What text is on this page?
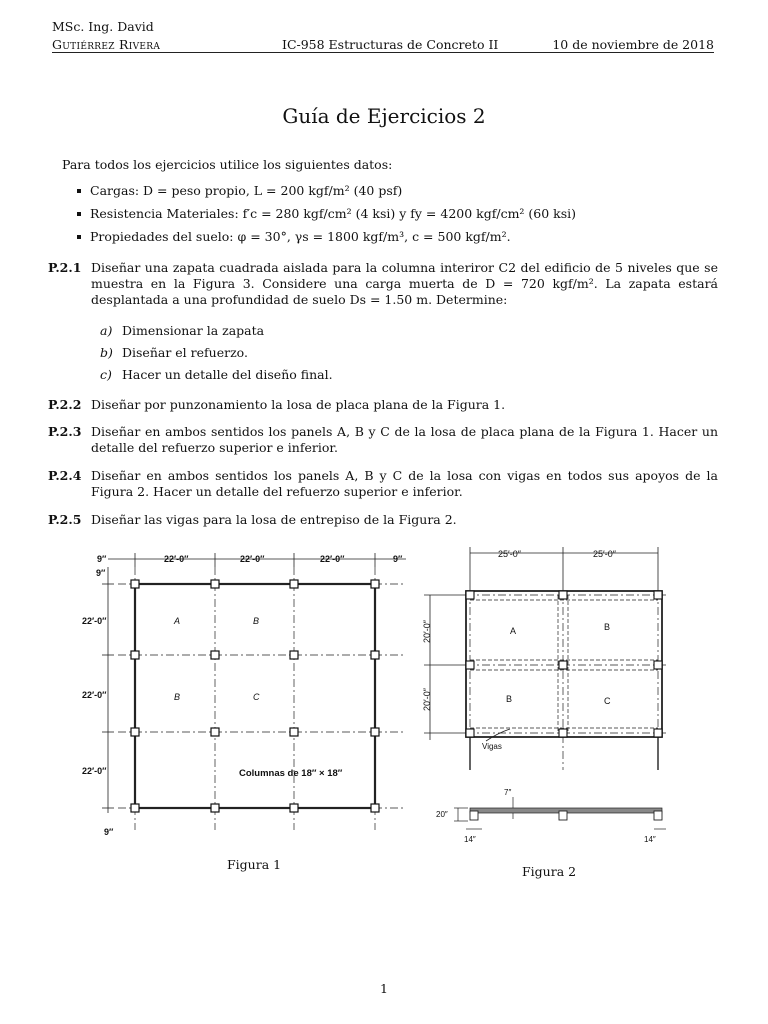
MSc. Ing. David
Gutiérrez Rivera	IC-958 Estructuras de Concreto II	10 de noviembre de 2018
Guía de Ejercicios 2
Para todos los ejercicios utilice los siguientes datos:
Cargas: D = peso propio, L = 200 kgf/m² (40 psf)
Resistencia Materiales: f′c = 280 kgf/cm² (4 ksi) y fy = 4200 kgf/cm² (60 ksi)
Propiedades del suelo: φ = 30°, γs = 1800 kgf/m³, c = 500 kgf/m².
P.2.1 Diseñar una zapata cuadrada aislada para la columna interiror C2 del edificio de 5 niveles que se muestra en la Figura 3. Considere una carga muerta de D = 720 kgf/m². La zapata estará desplantada a una profundidad de suelo Ds = 1.50 m. Determine:
a) Dimensionar la zapata
b) Diseñar el refuerzo.
c) Hacer un detalle del diseño final.
P.2.2 Diseñar por punzonamiento la losa de placa plana de la Figura 1.
P.2.3 Diseñar en ambos sentidos los panels A, B y C de la losa de placa plana de la Figura 1. Hacer un detalle del refuerzo superior e inferior.
P.2.4 Diseñar en ambos sentidos los panels A, B y C de la losa con vigas en todos sus apoyos de la Figura 2. Hacer un detalle del refuerzo superior e inferior.
P.2.5 Diseñar las vigas para la losa de entrepiso de la Figura 2.
9″	22′-0″	22′-0″	22′-0″	9″
9″
22′-0″
22′-0″
22′-0″
9″
A	B
B	C
Columnas de 18″ × 18″
Figura 1
25′-0″	25′-0″
20′-0″
20′-0″
A	B
B	C
Vigas
7″
20″
14″	14″
Figura 2
1
